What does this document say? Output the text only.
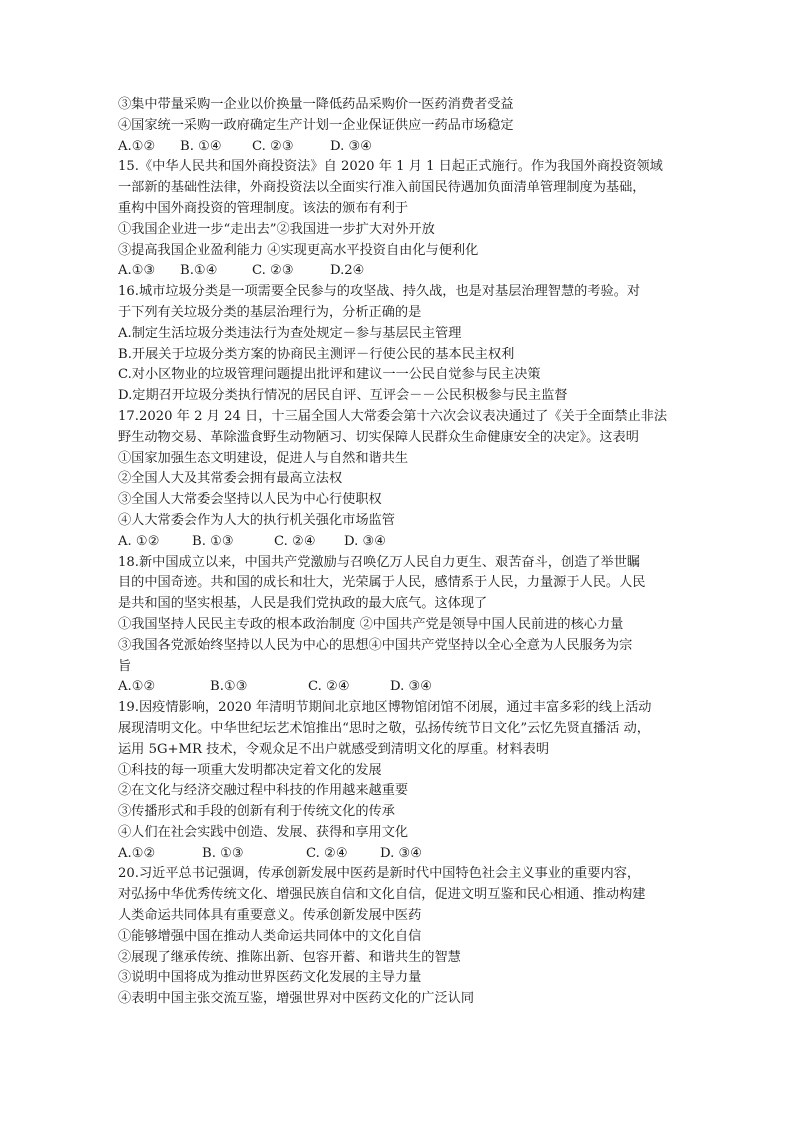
③集中带量采购一企业以价换量一降低药品采购价一医药消费者受益
④国家统一采购一政府确定生产计划一企业保证供应一药品市场稳定
A.①②	B. ①④	C. ②③	D. ③④
15.《中华人民共和国外商投资法》自 2020 年 1 月 1 日起正式施行。作为我国外商投资领域
一部新的基础性法律，外商投资法以全面实行准入前国民待遇加负面清单管理制度为基础，
重构中国外商投资的管理制度。该法的颁布有利于
①我国企业进一步“走出去”②我国进一步扩大对外开放
③提高我国企业盈利能力 ④实现更高水平投资自由化与便利化
A.①③	B.①④	C. ②③	D.2④
16.城市垃圾分类是一项需要全民参与的攻坚战、持久战，也是对基层治理智慧的考验。对
于下列有关垃圾分类的基层治理行为，分析正确的是
A.制定生活垃圾分类违法行为查处规定－参与基层民主管理
B.开展关于垃圾分类方案的协商民主测评－行使公民的基本民主权利
C.对小区物业的垃圾管理问题提出批评和建议一一公民自觉参与民主决策
D.定期召开垃圾分类执行情况的居民自评、互评会－－公民积极参与民主监督
17.2020 年 2 月 24 日，十三届全国人大常委会第十六次会议表决通过了《关于全面禁止非法
野生动物交易、革除滥食野生动物陋习、切实保障人民群众生命健康安全的决定》。这表明
①国家加强生态文明建设，促进人与自然和谐共生
②全国人大及其常委会拥有最高立法权
③全国人大常委会坚持以人民为中心行使职权
④人大常委会作为人大的执行机关强化市场监管
A. ①②	B. ①③	C. ②④	D. ③④
18.新中国成立以来，中国共产党激励与召唤亿万人民自力更生、艰苦奋斗，创造了举世瞩
目的中国奇迹。共和国的成长和壮大，光荣属于人民，感情系于人民，力量源于人民。人民
是共和国的坚实根基，人民是我们党执政的最大底气。这体现了
①我国坚持人民民主专政的根本政治制度 ②中国共产党是领导中国人民前进的核心力量
③我国各党派始终坚持以人民为中心的思想④中国共产党坚持以全心全意为人民服务为宗
旨
A.①②	B.①③	C. ②④	D. ③④
19.因疫情影响，2020 年清明节期间北京地区博物馆闭馆不闭展，通过丰富多彩的线上活动
展现清明文化。中华世纪坛艺术馆推出“思时之敬，弘扬传统节日文化”云忆先贤直播活 动，
运用 5G+MR 技术，令观众足不出户就感受到清明文化的厚重。材料表明
①科技的每一项重大发明都决定着文化的发展
②在文化与经济交融过程中科技的作用越来越重要
③传播形式和手段的创新有利于传统文化的传承
④人们在社会实践中创造、发展、获得和享用文化
A.①②	B. ①③	C. ②④	D. ③④
20.习近平总书记强调，传承创新发展中医药是新时代中国特色社会主义事业的重要内容，
对弘扬中华优秀传统文化、增强民族自信和文化自信，促进文明互鉴和民心相通、推动构建
人类命运共同体具有重要意义。传承创新发展中医药
①能够增强中国在推动人类命运共同体中的文化自信
②展现了继承传统、推陈出新、包容开蓄、和谐共生的智慧
③说明中国将成为推动世界医药文化发展的主导力量
④表明中国主张交流互鉴，增强世界对中医药文化的广泛认同
